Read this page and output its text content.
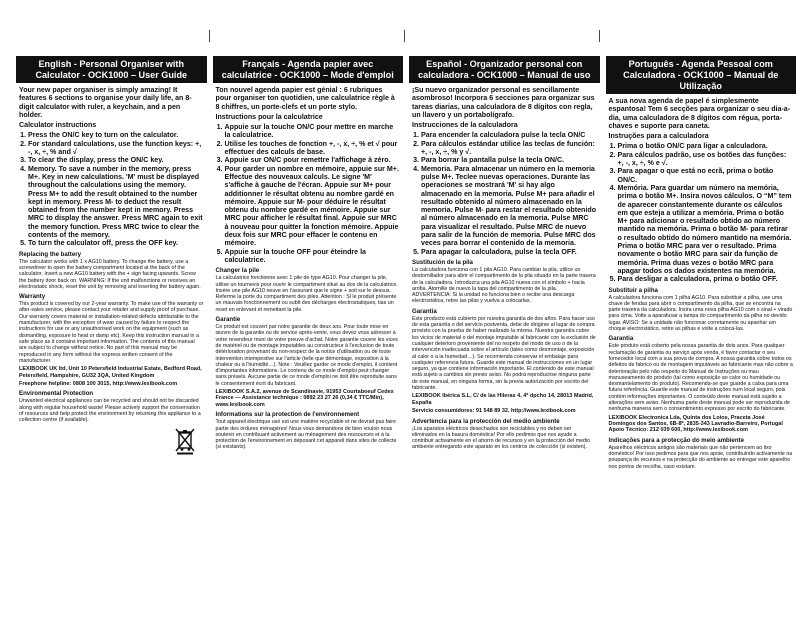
English - Personal Organiser with
Calculator - OCK1000 – User Guide

Your new paper organiser is simply amazing! It features 6 sections to organise your daily life, an 8-digit calculator with ruler, a keychain, and a pen holder.

Calculator instructions

1. Press the ON/C key to turn on the calculator.
2. For standard calculations, use the function keys: +, -, x, ÷, % and √
3. To clear the display, press the ON/C key.
4. Memory. To save a number in the memory, press M+. Key in new calculations. 'M' must be displayed throughout the calculations using the memory. Press M+ to add the result obtained to the number kept in memory. Press M- to deduct the result obtained from the number kept in memory. Press MRC to display the answer. Press MRC again to exit the memory function. Press MRC twice to clear the contents of the memory.
5. To turn the calculator off, press the OFF key.

Replacing the battery

The calculator works with 1 x AG10 battery. To change the battery, use a screwdriver to open the battery compartment located at the back of the calculator. Insert a new AG10 battery with the + sign facing upwards. Screw the battery door back on. WARNING: If the unit malfunctions or receives an electrostatic shock, reset the unit by removing and inserting the battery again.

Warranty

This product is covered by our 2-year warranty. To make use of the warranty or after-sales service, please contact your retailer and supply proof of purchase. Our warranty covers material or installation-related defects attributable to the manufacturer, with the exception of wear caused by failure to respect the instructions for use or any unauthorised work on the equipment (such as dismantling, exposure to heat or damp etc). Keep this instruction manual in a safe place as it contains important information. The contents of this manual are subject to change without notice. No part of this manual may be reproduced in any form without the express written consent of the manufacturer.

LEXIBOOK UK ltd, Unit 10 Petersfield Industrial Estate, Bedford Road, Petersfield, Hampshire, GU32 3QA, United Kingdom

Freephone helpline: 0808 100 3015, http://www.lexibook.com

Environmental Protection

Unwanted electrical appliances can be recycled and should not be discarded along with regular household waste! Please actively support the conservation of resources and help protect the environment by returning this appliance to a collection centre (if available).

Français - Agenda papier avec
calculatrice - OCK1000 – Mode d'emploi

Ton nouvel agenda papier est génial : 6 rubriques pour organiser ton quotidien, une calculatrice règle à 8 chiffres, un porte-clefs et un porte stylo.

Instructions pour la calculatrice

1. Appuie sur la touche ON/C pour mettre en marche la calculatrice.
2. Utilise les touches de fonction +, -, x, ÷, % et √ pour effectuer des calculs de base.
3. Appuie sur ON/C pour remettre l'affichage à zéro.
4. Pour garder un nombre en mémoire, appuie sur M+. Effectue des nouveaux calculs. Le signe 'M' s'affiche à gauche de l'écran. Appuie sur M+ pour additionner le résultat obtenu au nombre gardé en mémoire. Appuie sur M- pour déduire le résultat obtenu du nombre gardé en mémoire. Appuie sur MRC pour afficher le résultat final. Appuie sur MRC à nouveau pour quitter la fonction mémoire. Appuie deux fois sur MRC pour effacer le contenu en mémoire.
5. Appuie sur la touche OFF pour éteindre la calculatrice.

Changer la pile

La calculatrice fonctionne avec 1 pile de type AG10. Pour changer la pile, utilise un tournevis pour ouvrir le compartiment situé au dos de la calculatrice. Insère une pile AG10 neuve en t'assurant que le signe + soit sur le dessus. Referme la porte du compartiment des piles. Attention : Si le produit présente un mauvais fonctionnement ou subit des décharges électrostatiques, tias un reset en enlevant et remettant la pile.

Garantie

Ce produit est couvert par notre garantie de deux ans. Pour toute mise en œuvre de la garantie ou de service après-vente, vous devez vous adresser à votre revendeur muni de votre preuve d'achat. Notre garantie couvre les vices de matériel ou de montage imputables au constructeur à l'exclusion de toute détérioration provenant du non-respect de la notice d'utilisation ou de toute intervention intempestive sur l'article (telle que démontage, exposition à la chaleur ou à l'humidité…). Note : Veuillez garder ce mode d'emploi, il contient d'importantes informations. Le contenu de ce mode d'emploi peut changer sans préavis. Aucune partie de ce mode d'emploi ne doit être reproduite sans le consentement écrit du fabricant.

LEXIBOOK S.A.2, avenue de Scandinavie, 91953 Courtaboeuf Cedex France — Assistance technique : 0892 23 27 26 (0,34 € TTC/Min), www.lexibook.com

Informations sur la protection de l'environnement

Tout appareil électrique usé est une matière recyclable et ne devrait pas faire partie des ordures ménagères! Nous vous demandons de bien vouloir nous soutenir en contribuant activement au ménagement des ressources et à la protection de l'environnement en déposant cet appareil dans sites de collecte (si existants).

Español - Organizador personal con
calculadora - OCK1000 – Manual de uso

¡Su nuevo organizador personal es sencillamente asombroso! Incorpora 6 secciones para organizar sus tareas diarias, una calculadora de 8 dígitos con regla, un llavero y un portabolígrafo.

Instrucciones de la calculadora

1. Para encender la calculadora pulse la tecla ON/C
2. Para cálculos estándar utilice las teclas de función: +, -, x, ÷, % y √.
3. Para borrar la pantalla pulse la tecla ON/C.
4. Memoria. Para almacenar un número en la memoria pulse M+. Teclee nuevas operaciones. Durante las operaciones se mostrará 'M' si hay algo almacenado en la memoria. Pulse M+ para añadir el resultado obtenido al número almacenado en la memoria. Pulse M- para restar el resultado obtenido al número almacenado en la memoria. Pulse MRC para visualizar el resultado. Pulse MRC de nuevo para salir de la función de memoria. Pulse MRC dos veces para borrar el contenido de la memoria.
5. Para apagar la calculadora, pulse la tecla OFF.

Sustitución de la pila

La calculadora funciona con 1 pila AG10. Para cambiar la pila, utilice un destornillador para abrir el compartimento de la pila situado en la parte trasera de la calculadora. Introduzca una pila AG10 nueva con el símbolo + hacia arriba. Atornille de nuevo la tapa del compartimento de la pila. ADVERTENCIA: Si la unidad no funciona bien o recibe una descarga electrostática, retire las pilas y vuelva a colocarlas.

Garantía

Este producto está cubierto por nuestra garantía de dos años. Para hacer uso de esta garantía o del servicio postventa, debe de dirigirse al lugar de compra provisto con la prueba de haber realizado la misma. Nuestra garantía cubre los vicios de material o del montaje imputable al fabricante con la exclusión de cualquier deterioro proveniente del no respeto del modo de uso o de la intervención inadecuada sobre el artículo (tales como desmontaje, exposición al calor o a la humedad…). Se recomienda conservar el embalaje para cualquier referencia futura. Guarde este manual de instrucciones en un lugar seguro, ya que contiene información importante. El contenido de este manual está sujeto a cambios sin previo aviso. No podrá reproducirse ninguna parte de este manual, en ninguna forma, sin la previa autorización por escrito del fabricante.

LEXIBOOK Ibérica S.L, C/ de las Hileras 4, 4º dpcho 14, 28013 Madrid, España

Servicio consumidores: 91 548 89 32. http://www.lexibook.com

Advertencia para la protección del medio ambiente

¡Los aparatos eléctricos desechados son reciclables y no deben ser eliminados en la basura doméstica! Por ello pedimos que nos ayude a contribuir activamente en el ahorro de recursos y en la protección del medio ambiente entregando este aparato en los centros de colección (si existen).

Português - Agenda Pessoal com
Calculadora - OCK1000 – Manual de Utilização

A sua nova agenda de papel é simplesmente espantosa! Tem 6 secções para organizar o seu dia-a-dia, uma calculadora de 8 dígitos com régua, porta-chaves e suporte para caneta.

Instruções para a calculadora

1. Prima o botão ON/C para ligar a calculadora.
2. Para cálculos padrão, use os botões das funções: +, -, x, ÷, % e √.
3. Para apagar o que está no ecrã, prima o botão ON/C.
4. Memória. Para guardar um número na memória, prima o botão M+. Insira novos cálculos. O “M” tem de aparecer constantemente durante os cálculos em que esteja a utilizar a memória. Prima o botão M+ para adicionar o resultado obtido ao número mantido na memória. Prima o botão M- para retirar o resultado obtido do número mantido na memória. Prima o botão MRC para ver o resultado. Prima novamente o botão MRC para sair da função de memória. Prima duas vezes o botão MRC para apagar todos os dados existentes na memória.
5. Para desligar a calculadora, prima o botão OFF.

Substituir a pilha

A calculadora funciona com 1 pilha AG10. Para substituir a pilha, use uma chave de fendas para abrir o compartimento da pilha, que se encontra na parte traseira da calculadora. Insira uma nova pilha AG10 com o sinal + virado para cima. Volte a aparafusar a tampa do compartimento da pilha no devido lugar. AVISO: Se a unidade não funcionar corretamente ou apanhar um choque electrostático, retire as pilhas e volte a colocá-las.

Garantia

Este produto está coberto pela nossa garantia de dois anos. Para qualquer reclamação de garantia ou serviço após venda, é favor contactar o seu fornecedor local com a sua prova de compra. A nossa garantia cobre todos os defeitos de fabrico ou de montagem imputáveis ao fabricante mas não cobre a deterioração pelo não respeito do Manual de Instruções ou mau manuseamento do produto (tal como exposição ao calor ou humidade ou desmantelamento do produto). Recomenda-se que guarde a caixa para uma futura referência. Guarde este manual de instruções num local seguro, pois contém informações importantes. O conteúdo deste manual está sujeito a alterações sem aviso. Nenhuma parte deste manual pode ser reproduzida de nenhuma maneira sem o consentimento expresso por escrito do fabricante.

LEXIBOOK Electronica Lda, Quinta dos Loios, Praceta José Domingos dos Santos, 6B-8º, 2835-343 Lavradio-Barreiro, Portugal Apoio Técnico: 212 039 600, http://www.lexibook.com

Indicações para a protecção do meio ambiente

Aparelhos eléctricos antigos são materiais que não pertencem ao lixo doméstico! Por isso pedimos para que nos apoie, contribuindo activamente na poupança de recursos e na protecção do ambiente ao entregar este aparelho nos pontos de recolha, caso existam.
